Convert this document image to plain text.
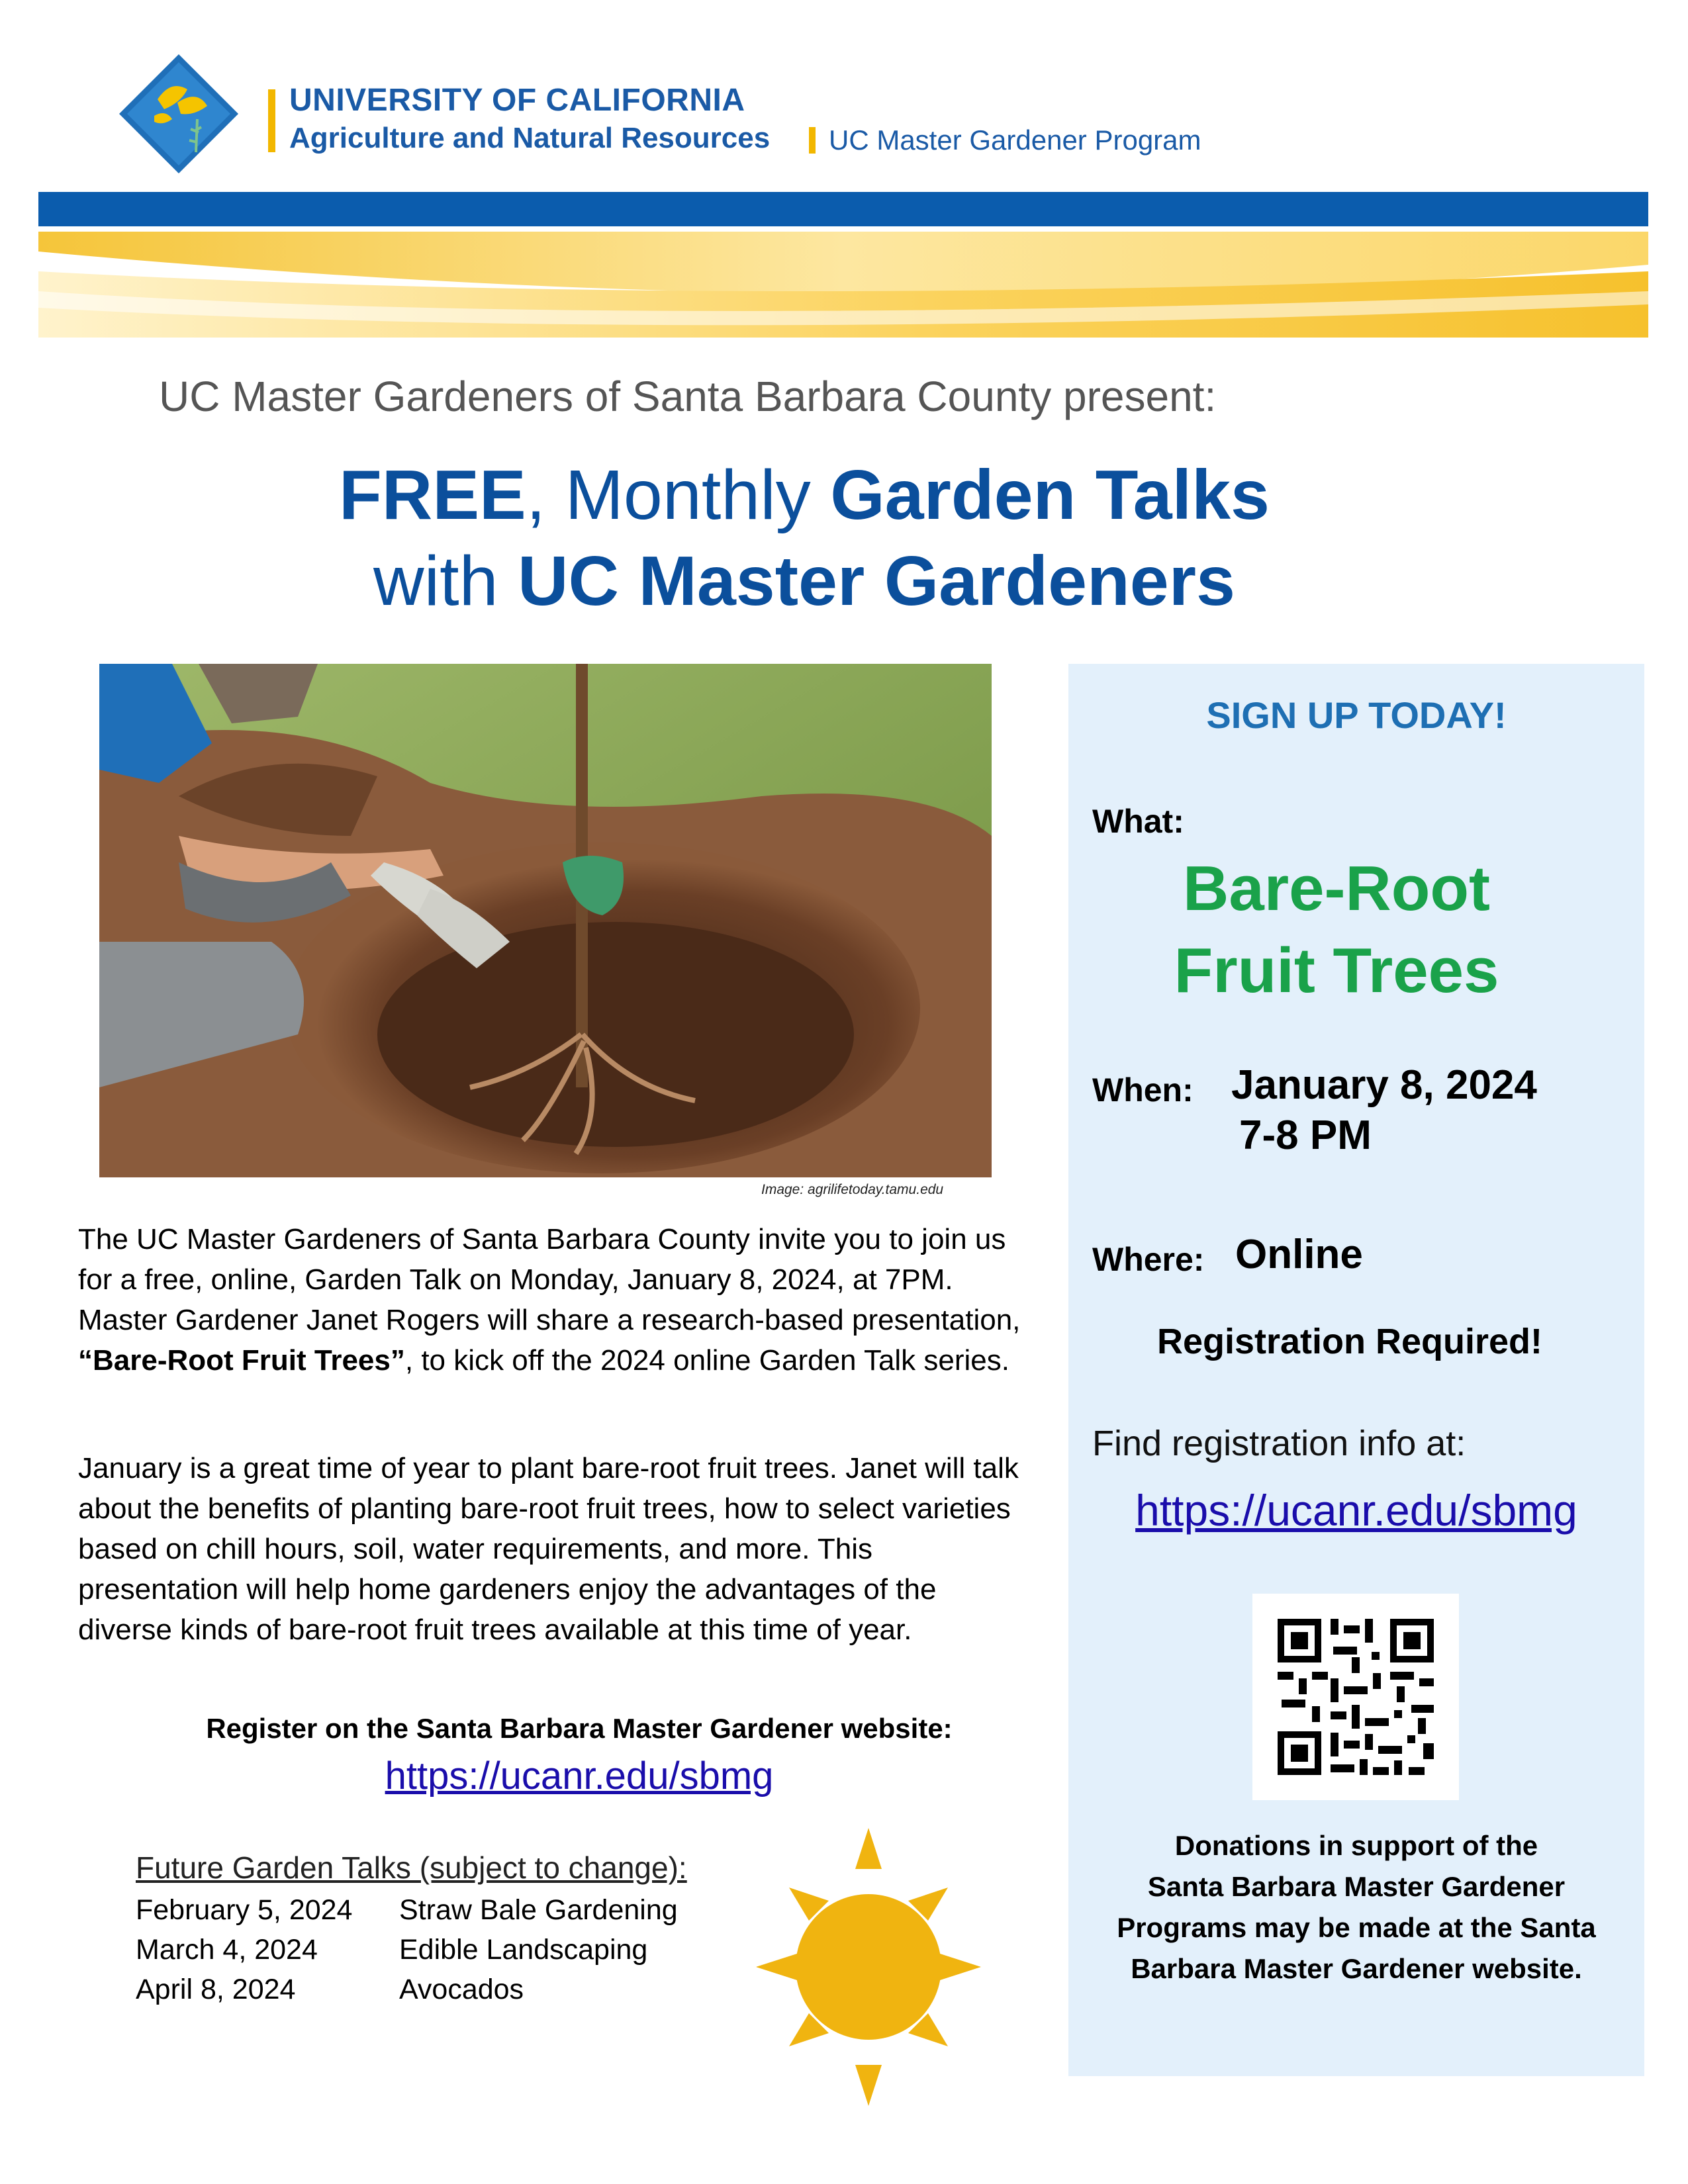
UNIVERSITY OF CALIFORNIA
Agriculture and Natural Resources UC Master Gardener Program
UC Master Gardeners of Santa Barbara County present:
FREE, Monthly Garden Talks
with UC Master Gardeners
Image: agrilifetoday.tamu.edu
The UC Master Gardeners of Santa Barbara County invite you to join us for a free, online, Garden Talk on Monday, January 8, 2024, at 7PM. Master Gardener Janet Rogers will share a research-based presentation, “Bare-Root Fruit Trees”, to kick off the 2024 online Garden Talk series.
January is a great time of year to plant bare-root fruit trees. Janet will talk about the benefits of planting bare-root fruit trees, how to select varieties based on chill hours, soil, water requirements, and more. This presentation will help home gardeners enjoy the advantages of the diverse kinds of bare-root fruit trees available at this time of year.
Register on the Santa Barbara Master Gardener website:
https://ucanr.edu/sbmg
Future Garden Talks (subject to change):
February 5, 2024 Straw Bale Gardening
March 4, 2024	Edible Landscaping
April 8, 2024	Avocados
SIGN UP TODAY!
What:
Bare-Root
Fruit Trees
When: January 8, 2024
7-8 PM
Where: Online
Registration Required!
Find registration info at:
https://ucanr.edu/sbmg
Donations in support of the
Santa Barbara Master Gardener
Programs may be made at the Santa
Barbara Master Gardener website.
